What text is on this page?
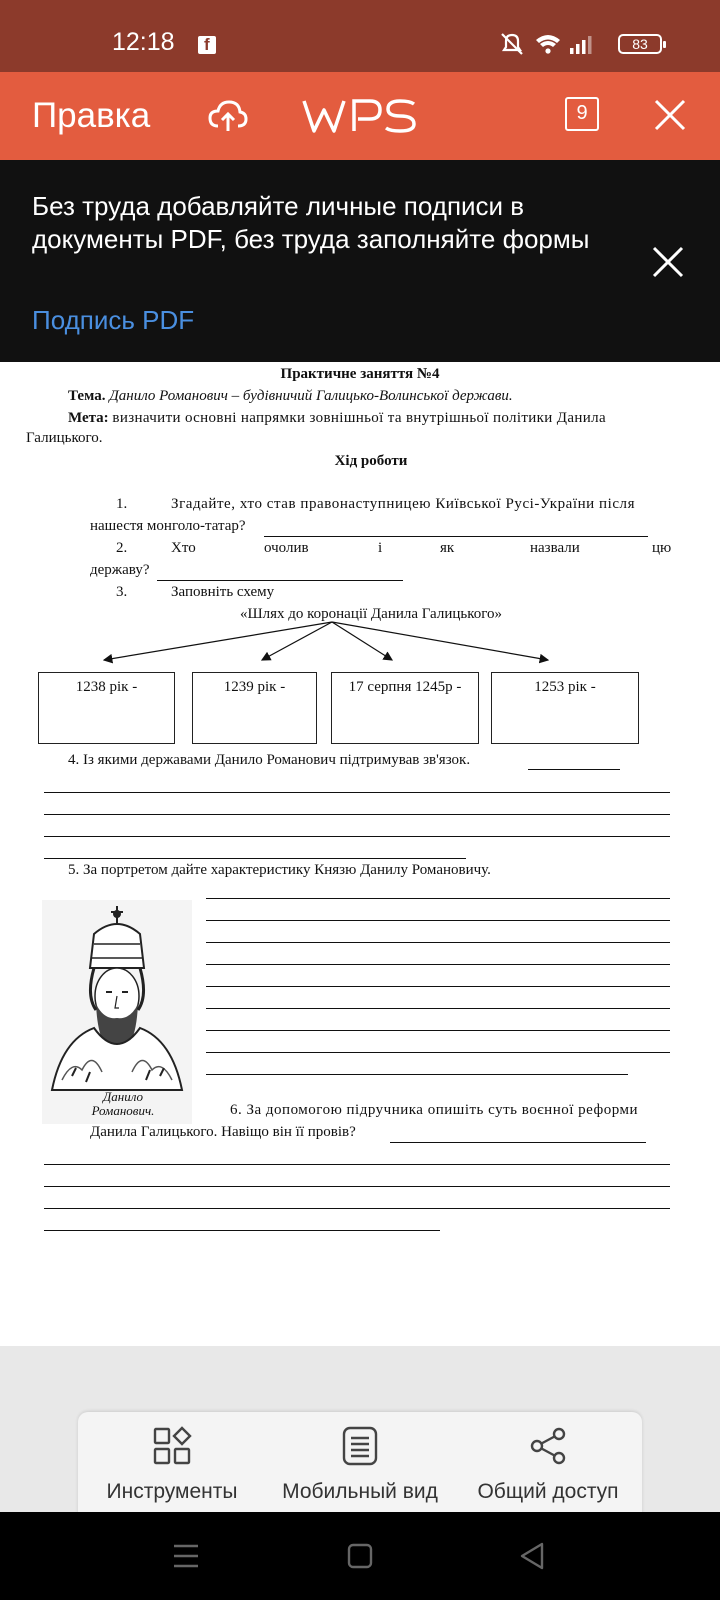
12:18 f	83
Правка	9
Без труда добавляйте личные подписи в документы PDF, без труда заполняйте формы
Подпись PDF
Практичне заняття №4
Тема. Данило Романович – будівничий Галицько-Волинської держави.
Мета: визначити основні напрямки зовнішньої та внутрішньої політики Данила
Галицького.
Хід роботи
1.	Згадайте, хто став правонаступницею Київської Русі-України після
нашестя монголо-татар?
2.	Хто	очолив	і	як	назвали	цю
державу?
3.	Заповніть схему
«Шлях до коронації Данила Галицького»
1238 рік -	1239 рік -	17 серпня 1245р -	1253 рік -
4. Із якими державами Данило Романович підтримував зв'язок.
5. За портретом дайте характеристику Князю Данилу Романовичу.
Данило Романович.	6. За допомогою підручника опишіть суть воєнної реформи
Данила Галицького. Навіщо він її провів?
Инструменты	Мобильный вид	Общий доступ
